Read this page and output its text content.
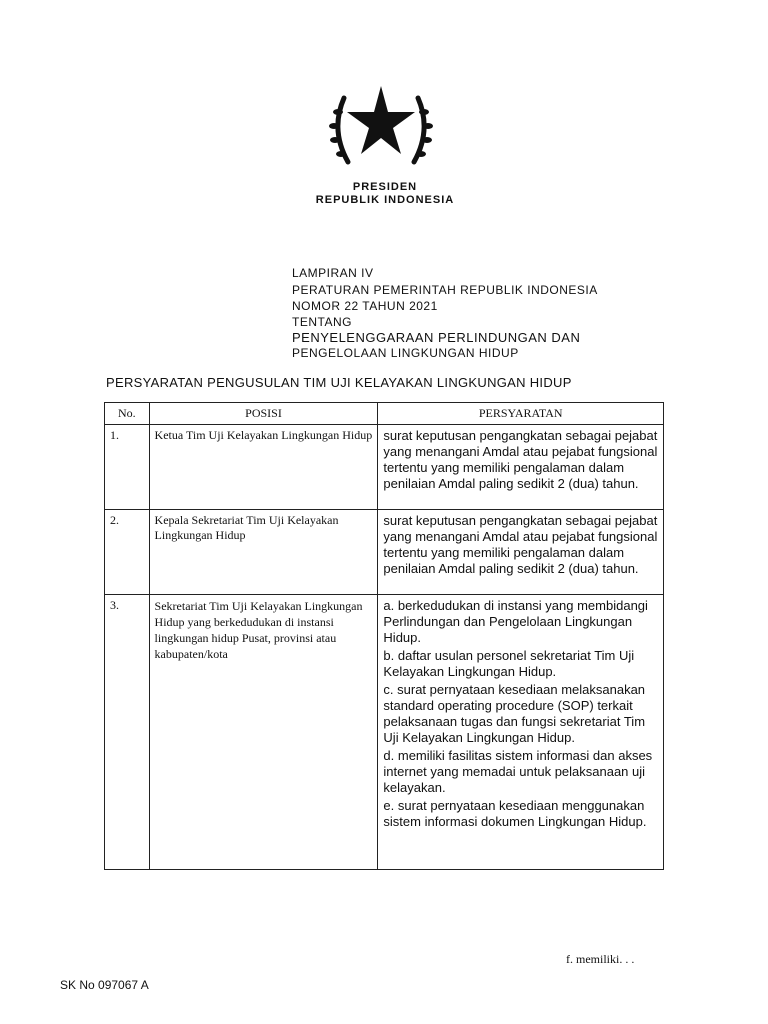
PRESIDEN
REPUBLIK INDONESIA
LAMPIRAN IV
PERATURAN PEMERINTAH REPUBLIK INDONESIA
NOMOR 22 TAHUN 2021
TENTANG
PENYELENGGARAAN PERLINDUNGAN DAN
PENGELOLAAN LINGKUNGAN HIDUP
PERSYARATAN PENGUSULAN TIM UJI KELAYAKAN LINGKUNGAN HIDUP
No.	POSISI	PERSYARATAN
1.	Ketua Tim Uji Kelayakan Lingkungan Hidup	surat keputusan pengangkatan sebagai pejabat yang menangani Amdal atau pejabat fungsional tertentu yang memiliki pengalaman dalam penilaian Amdal paling sedikit 2 (dua) tahun.
2.	Kepala Sekretariat Tim Uji Kelayakan Lingkungan Hidup	surat keputusan pengangkatan sebagai pejabat yang menangani Amdal atau pejabat fungsional tertentu yang memiliki pengalaman dalam penilaian Amdal paling sedikit 2 (dua) tahun.
3.	Sekretariat Tim Uji Kelayakan Lingkungan Hidup yang berkedudukan di instansi lingkungan hidup Pusat, provinsi atau kabupaten/kota	a. berkedudukan di instansi yang membidangi Perlindungan dan Pengelolaan Lingkungan Hidup.
b. daftar usulan personel sekretariat Tim Uji Kelayakan Lingkungan Hidup.
c. surat pernyataan kesediaan melaksanakan standard operating procedure (SOP) terkait pelaksanaan tugas dan fungsi sekretariat Tim Uji Kelayakan Lingkungan Hidup.
d. memiliki fasilitas sistem informasi dan akses internet yang memadai untuk pelaksanaan uji kelayakan.
e. surat pernyataan kesediaan menggunakan sistem informasi dokumen Lingkungan Hidup.
f. memiliki. . .
SK No 097067 A
